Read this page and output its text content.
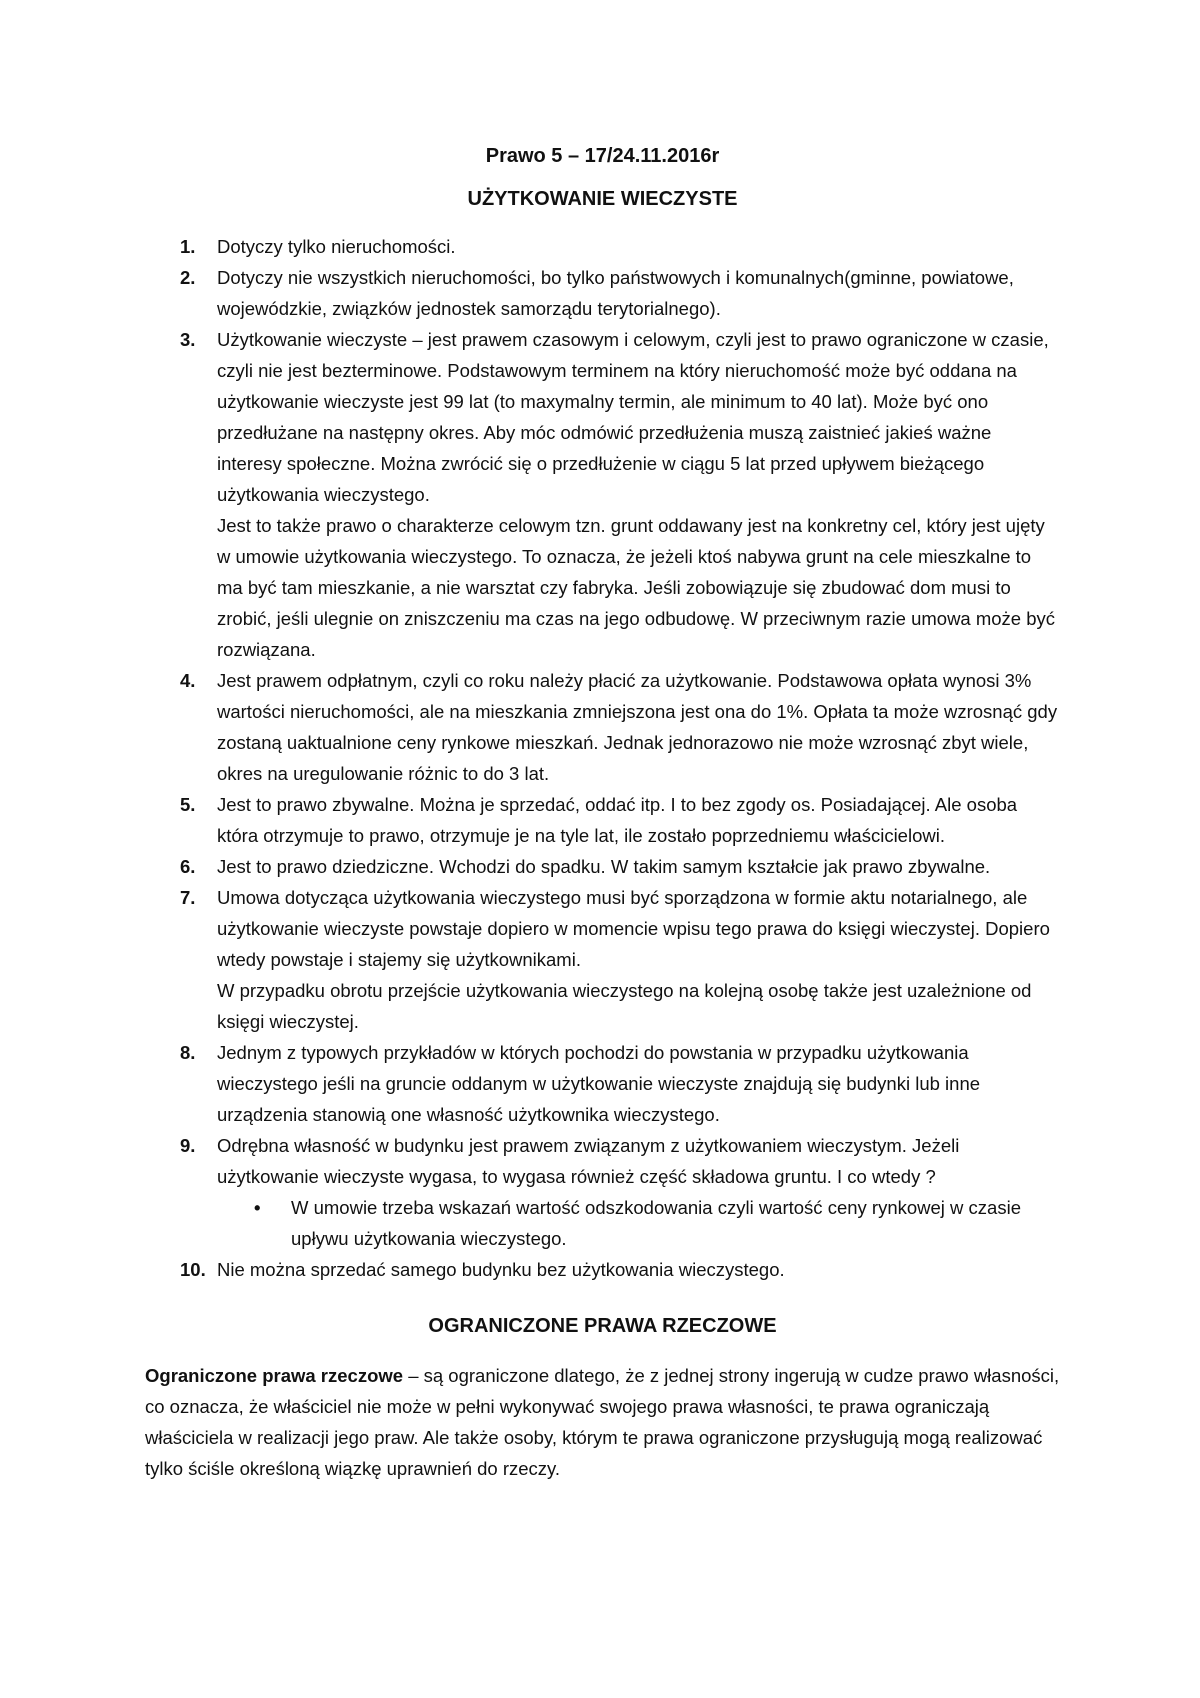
Prawo 5 – 17/24.11.2016r
UŻYTKOWANIE WIECZYSTE
1. Dotyczy tylko nieruchomości.

2. Dotyczy nie wszystkich nieruchomości, bo tylko państwowych i komunalnych(gminne, powiatowe, wojewódzkie, związków jednostek samorządu terytorialnego).

3. Użytkowanie wieczyste – jest prawem czasowym i celowym, czyli jest to prawo ograniczone w czasie, czyli nie jest bezterminowe. Podstawowym terminem na który nieruchomość może być oddana na użytkowanie wieczyste jest 99 lat (to maxymalny termin, ale minimum to 40 lat). Może być ono przedłużane na następny okres. Aby móc odmówić przedłużenia muszą zaistnieć jakieś ważne interesy społeczne. Można zwrócić się o przedłużenie w ciągu 5 lat przed upływem bieżącego użytkowania wieczystego.

Jest to także prawo o charakterze celowym tzn. grunt oddawany jest na konkretny cel, który jest ujęty w umowie użytkowania wieczystego. To oznacza, że jeżeli ktoś nabywa grunt na cele mieszkalne to ma być tam mieszkanie, a nie warsztat czy fabryka. Jeśli zobowiązuje się zbudować dom musi to zrobić, jeśli ulegnie on zniszczeniu ma czas na jego odbudowę. W przeciwnym razie umowa może być rozwiązana.

4. Jest prawem odpłatnym, czyli co roku należy płacić za użytkowanie. Podstawowa opłata wynosi 3% wartości nieruchomości, ale na mieszkania zmniejszona jest ona do 1%. Opłata ta może wzrosnąć gdy zostaną uaktualnione ceny rynkowe mieszkań. Jednak jednorazowo nie może wzrosnąć zbyt wiele, okres na uregulowanie różnic to do 3 lat.

5. Jest to prawo zbywalne. Można je sprzedać, oddać itp. I to bez zgody os. Posiadającej. Ale osoba która otrzymuje to prawo, otrzymuje je na tyle lat, ile zostało poprzedniemu właścicielowi.

6. Jest to prawo dziedziczne. Wchodzi do spadku. W takim samym kształcie jak prawo zbywalne.

7. Umowa dotycząca użytkowania wieczystego musi być sporządzona w formie aktu notarialnego, ale użytkowanie wieczyste powstaje dopiero w momencie wpisu tego prawa do księgi wieczystej. Dopiero wtedy powstaje i stajemy się użytkownikami.

W przypadku obrotu przejście użytkowania wieczystego na kolejną osobę także jest uzależnione od księgi wieczystej.

8. Jednym z typowych przykładów w których pochodzi do powstania w przypadku użytkowania wieczystego jeśli na gruncie oddanym w użytkowanie wieczyste znajdują się budynki lub inne urządzenia stanowią one własność użytkownika wieczystego.

9. Odrębna własność w budynku jest prawem związanym z użytkowaniem wieczystym. Jeżeli użytkowanie wieczyste wygasa, to wygasa również część składowa gruntu. I co wtedy ?

• W umowie trzeba wskazań wartość odszkodowania czyli wartość ceny rynkowej w czasie upływu użytkowania wieczystego.
10. Nie można sprzedać samego budynku bez użytkowania wieczystego.

OGRANICZONE PRAWA RZECZOWE

Ograniczone prawa rzeczowe – są ograniczone dlatego, że z jednej strony ingerują w cudze prawo własności, co oznacza, że właściciel nie może w pełni wykonywać swojego prawa własności, te prawa ograniczają właściciela w realizacji jego praw. Ale także osoby, którym te prawa ograniczone przysługują mogą realizować tylko ściśle określoną wiązkę uprawnień do rzeczy.
